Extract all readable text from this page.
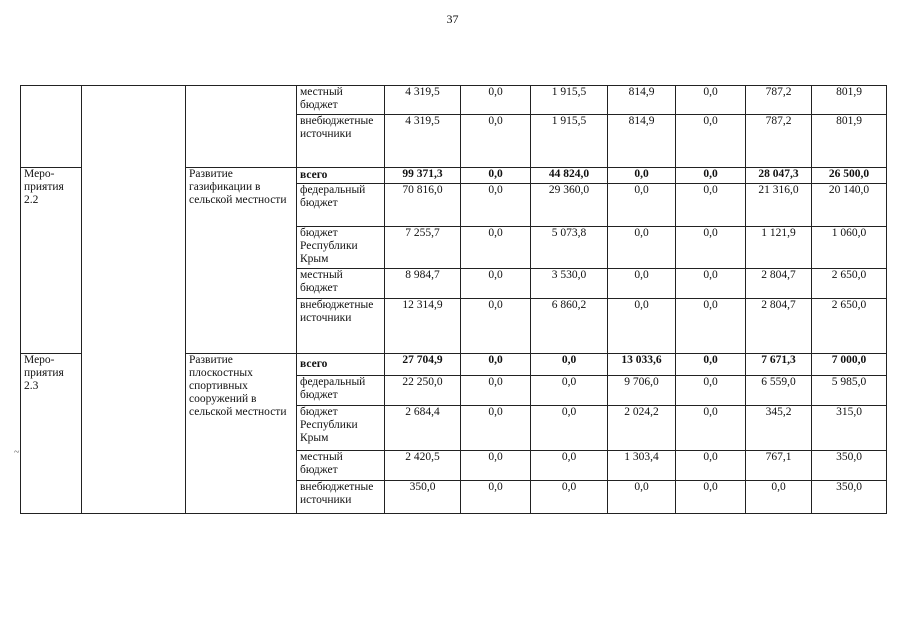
37
~
			местный бюджет	4 319,5	0,0	1 915,5	814,9	0,0	787,2	801,9
			внебюджетные источники	4 319,5	0,0	1 915,5	814,9	0,0	787,2	801,9
Меро-приятия 2.2		Развитие газификации в сельской местности	всего	99 371,3	0,0	44 824,0	0,0	0,0	28 047,3	26 500,0
			федеральный бюджет	70 816,0	0,0	29 360,0	0,0	0,0	21 316,0	20 140,0
			бюджет Республики Крым	7 255,7	0,0	5 073,8	0,0	0,0	1 121,9	1 060,0
			местный бюджет	8 984,7	0,0	3 530,0	0,0	0,0	2 804,7	2 650,0
			внебюджетные источники	12 314,9	0,0	6 860,2	0,0	0,0	2 804,7	2 650,0
Меро-приятия 2.3		Развитие плоскостных спортивных сооружений в сельской местности	всего	27 704,9	0,0	0,0	13 033,6	0,0	7 671,3	7 000,0
			федеральный бюджет	22 250,0	0,0	0,0	9 706,0	0,0	6 559,0	5 985,0
			бюджет Республики Крым	2 684,4	0,0	0,0	2 024,2	0,0	345,2	315,0
			местный бюджет	2 420,5	0,0	0,0	1 303,4	0,0	767,1	350,0
			внебюджетные источники	350,0	0,0	0,0	0,0	0,0	0,0	350,0
